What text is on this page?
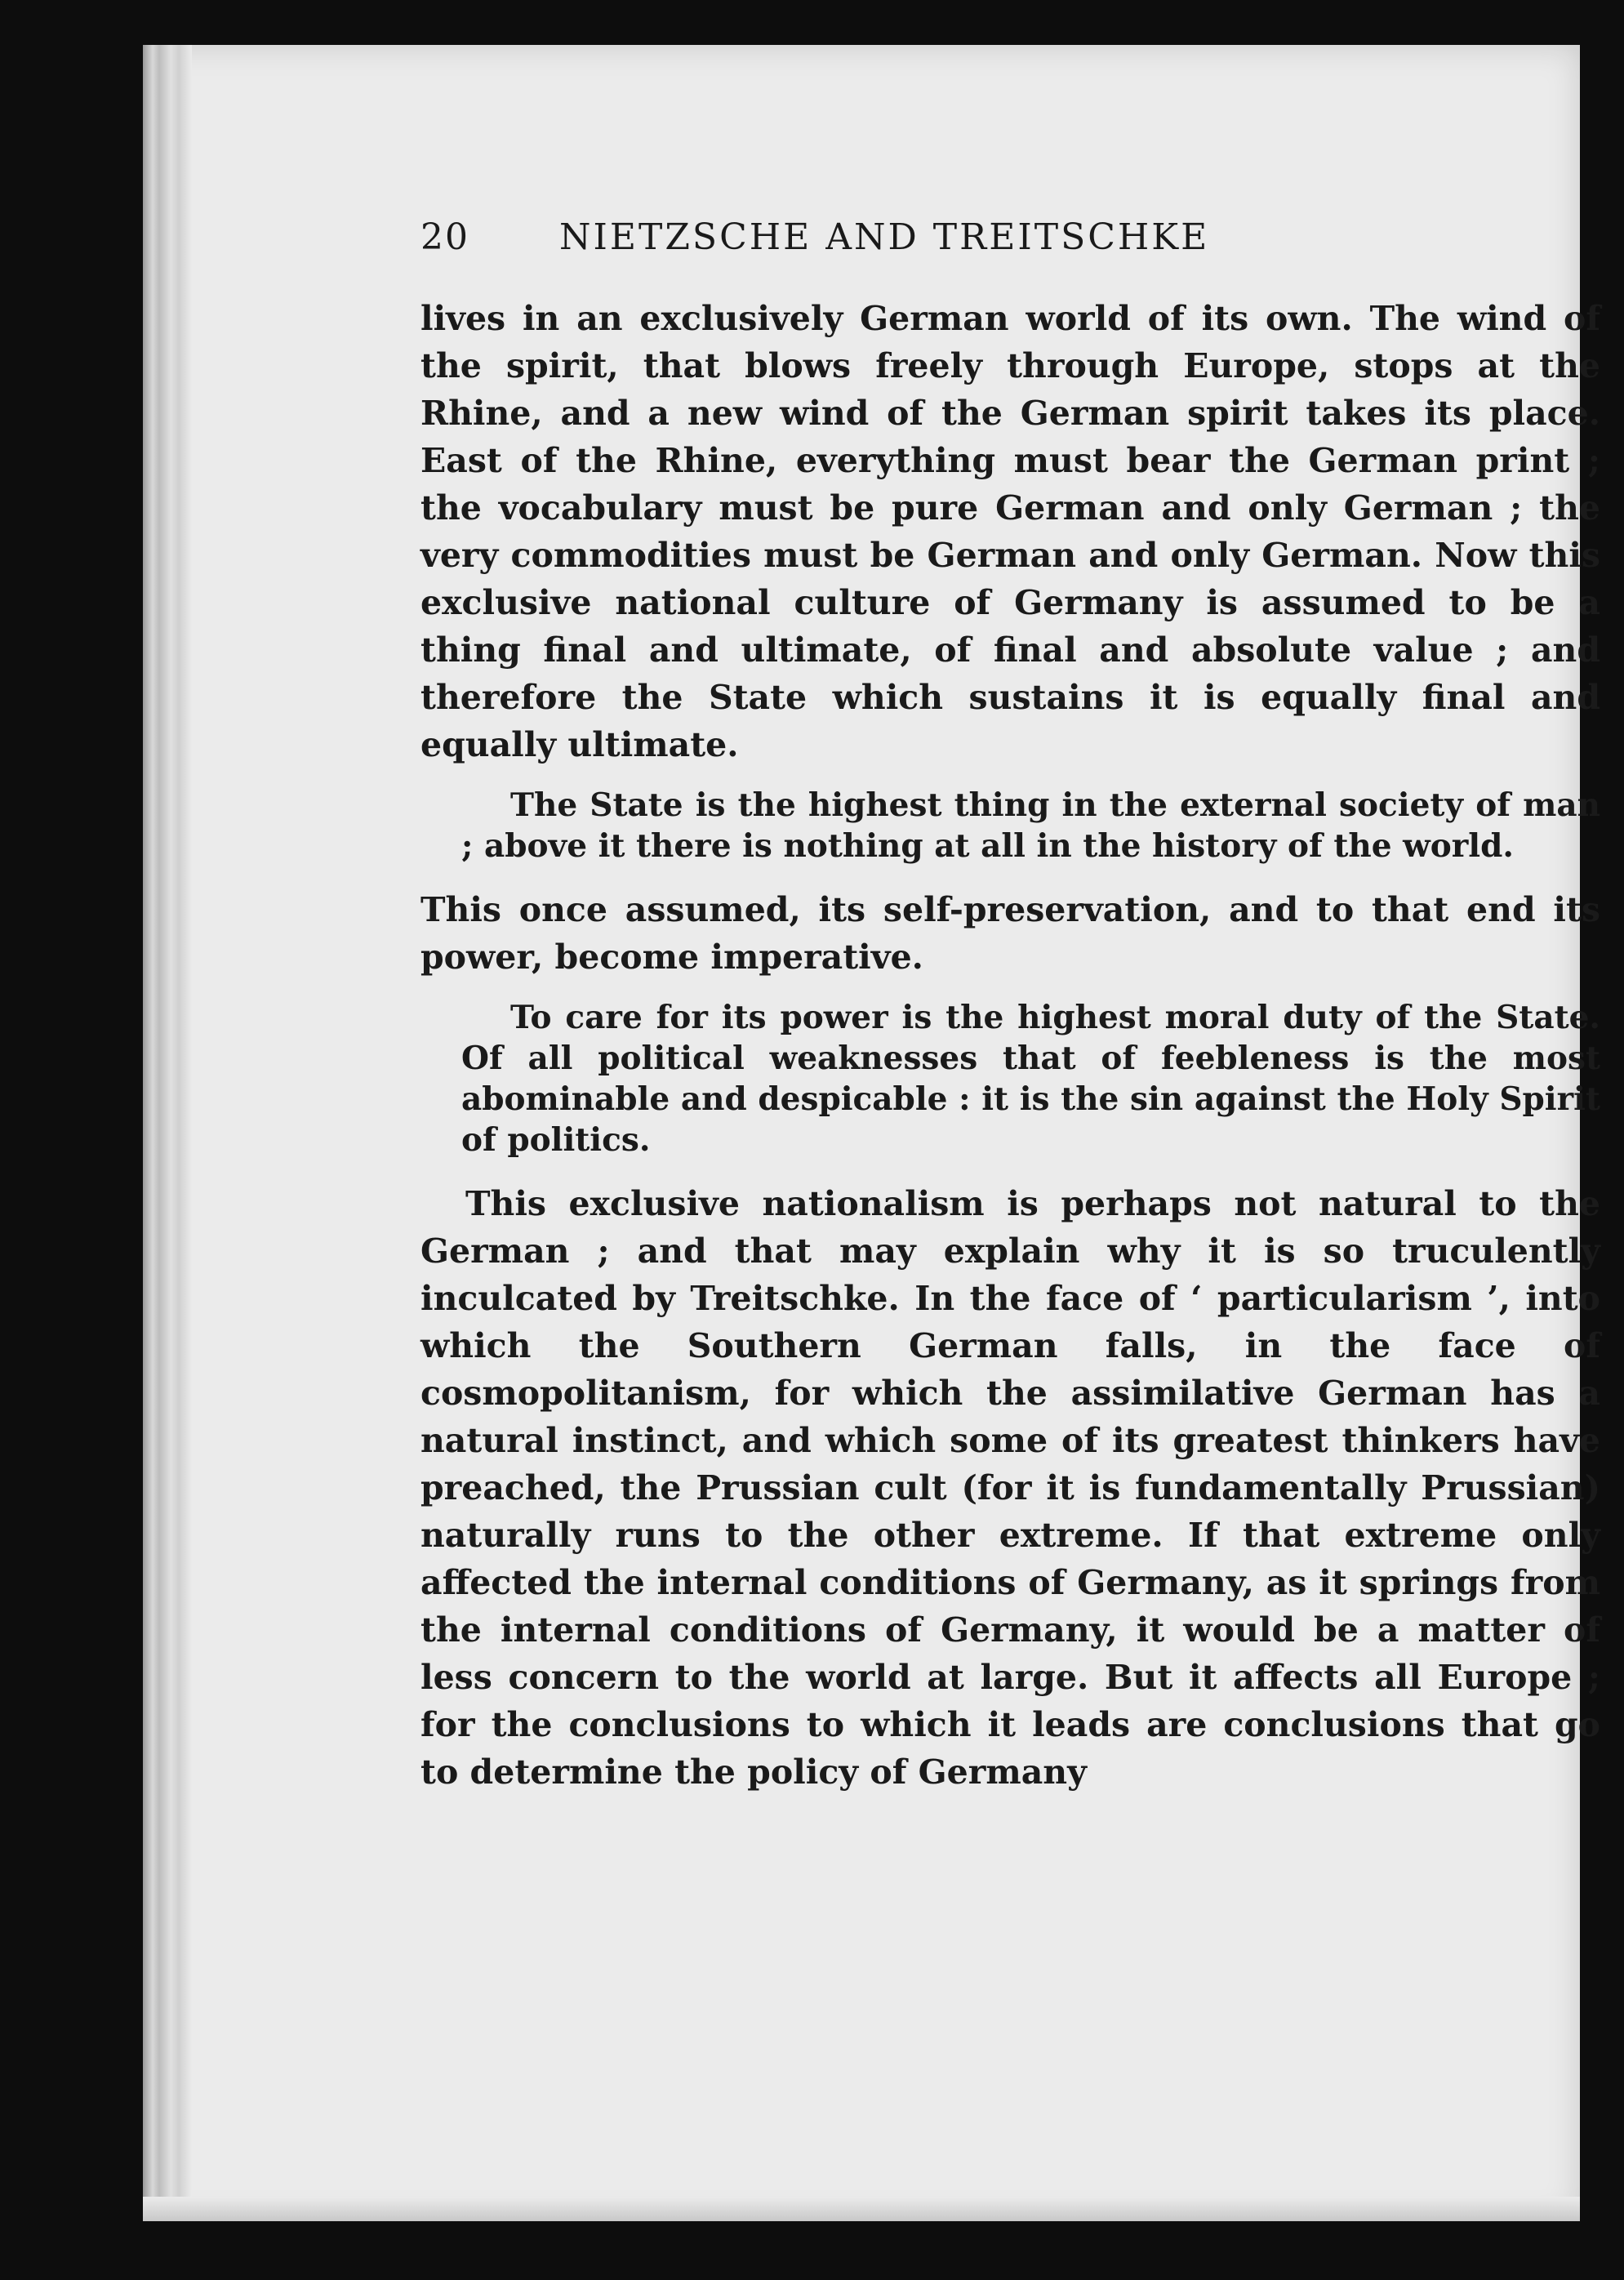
20	NIETZSCHE AND TREITSCHKE

lives in an exclusively German world of its own. The wind of the spirit, that blows freely through Europe, stops at the Rhine, and a new wind of the German spirit takes its place. East of the Rhine, everything must bear the German print ; the vocabulary must be pure German and only German ; the very commodities must be German and only German. Now this exclusive national culture of Germany is assumed to be a thing final and ultimate, of final and absolute value ; and therefore the State which sustains it is equally final and equally ultimate.

The State is the highest thing in the external society of man ; above it there is nothing at all in the history of the world.

This once assumed, its self-preservation, and to that end its power, become imperative.

To care for its power is the highest moral duty of the State. Of all political weaknesses that of feebleness is the most abominable and despicable : it is the sin against the Holy Spirit of politics.

This exclusive nationalism is perhaps not natural to the German ; and that may explain why it is so truculently inculcated by Treitschke. In the face of ‘ particularism ’, into which the Southern German falls, in the face of cosmopolitanism, for which the assimilative German has a natural instinct, and which some of its greatest thinkers have preached, the Prussian cult (for it is fundamentally Prussian) naturally runs to the other extreme. If that extreme only affected the internal conditions of Germany, as it springs from the internal conditions of Germany, it would be a matter of less concern to the world at large. But it affects all Europe ; for the conclusions to which it leads are conclusions that go to determine the policy of Germany
